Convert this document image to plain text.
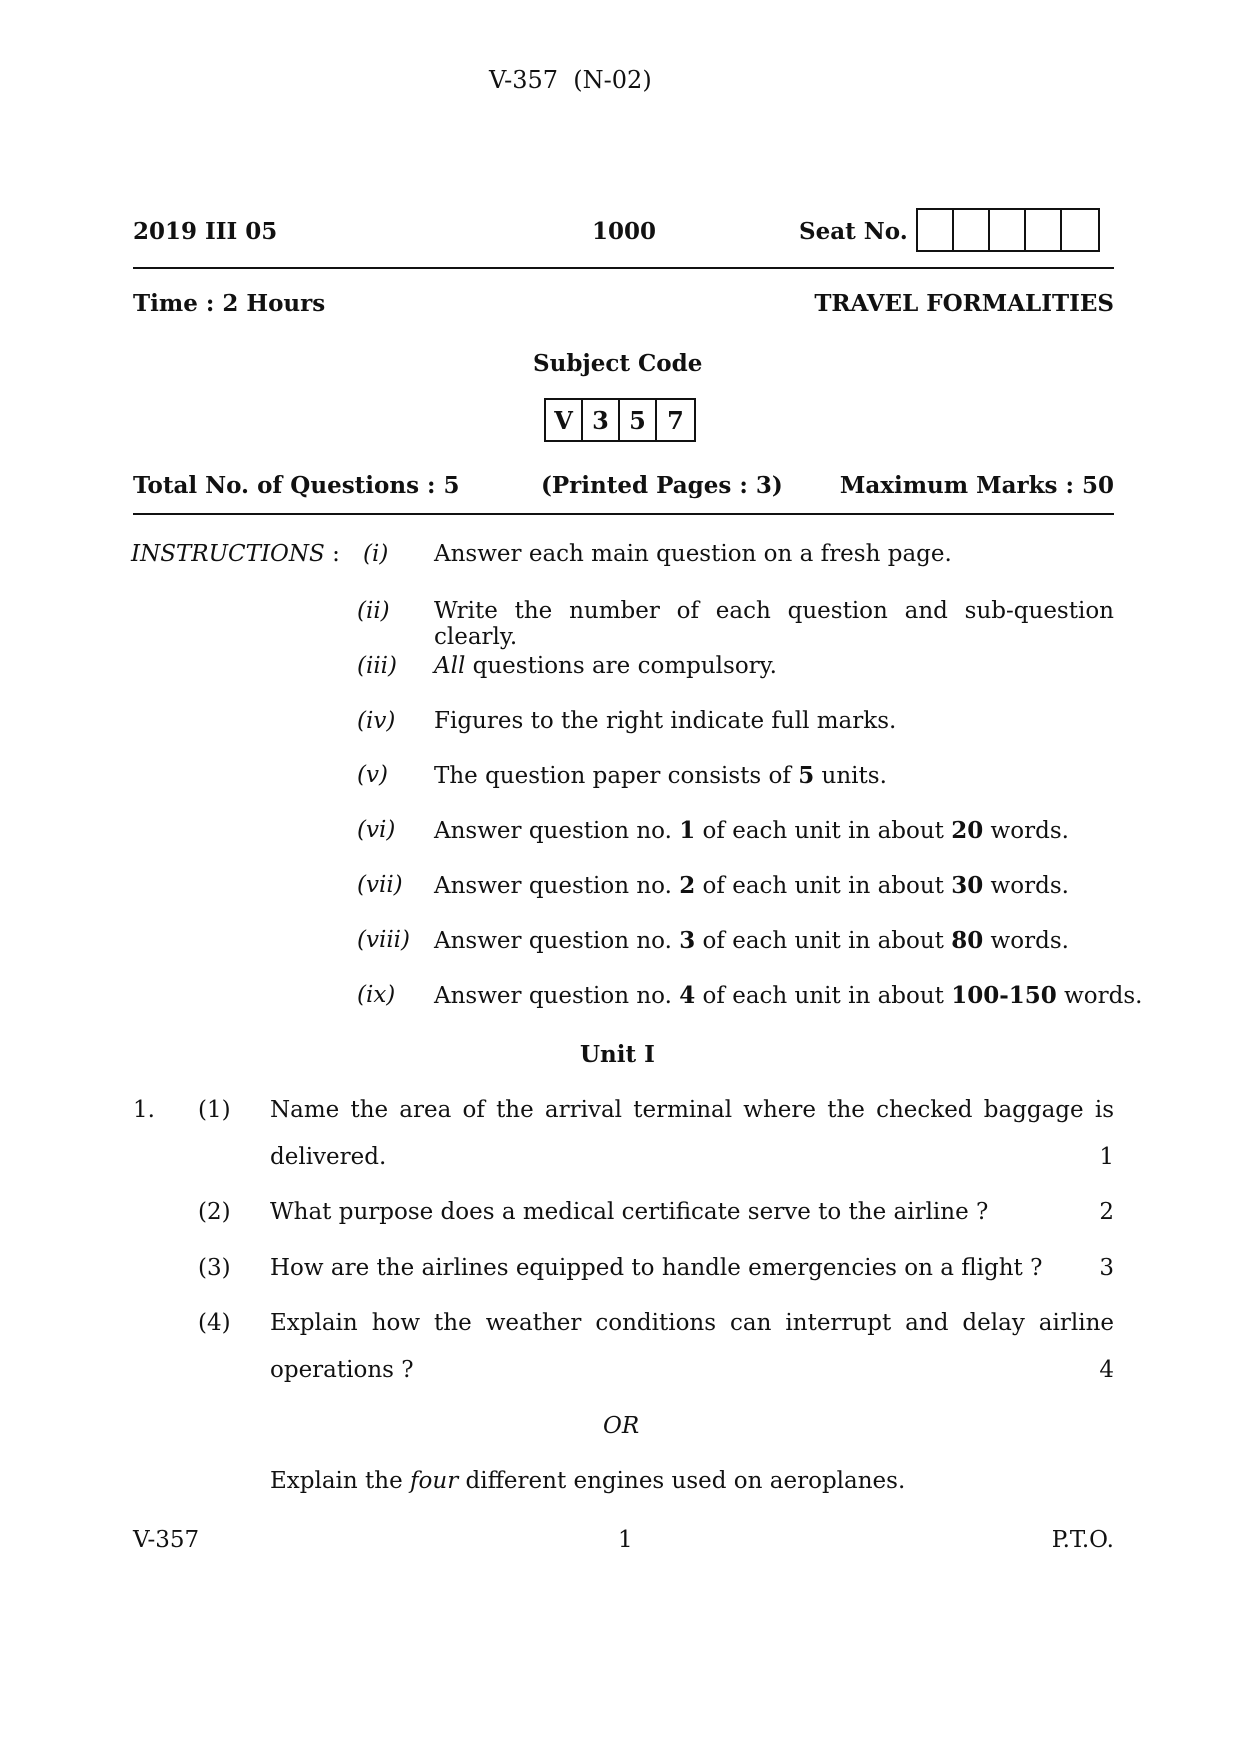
V-357  (N-02)
2019 III 05	1000	Seat No.
Time : 2 Hours	TRAVEL FORMALITIES
Subject Code
V 3 5 7
Total No. of Questions : 5	(Printed Pages : 3) Maximum Marks : 50
INSTRUCTIONS : (i) Answer each main question on a fresh page.
(ii) Write the number of each question and sub-question clearly.
(iii) All questions are compulsory.
(iv) Figures to the right indicate full marks.
(v) The question paper consists of 5 units.
(vi) Answer question no. 1 of each unit in about 20 words.
(vii) Answer question no. 2 of each unit in about 30 words.
(viii) Answer question no. 3 of each unit in about 80 words.
(ix) Answer question no. 4 of each unit in about 100-150 words.
Unit I
1. (1) Name the area of the arrival terminal where the checked baggage is
delivered.	1
(2) What purpose does a medical certificate serve to the airline ?	2
(3) How are the airlines equipped to handle emergencies on a flight ? 3
(4) Explain how the weather conditions can interrupt and delay airline
operations ?	4
OR
Explain the four different engines used on aeroplanes.
V-357	1	P.T.O.
